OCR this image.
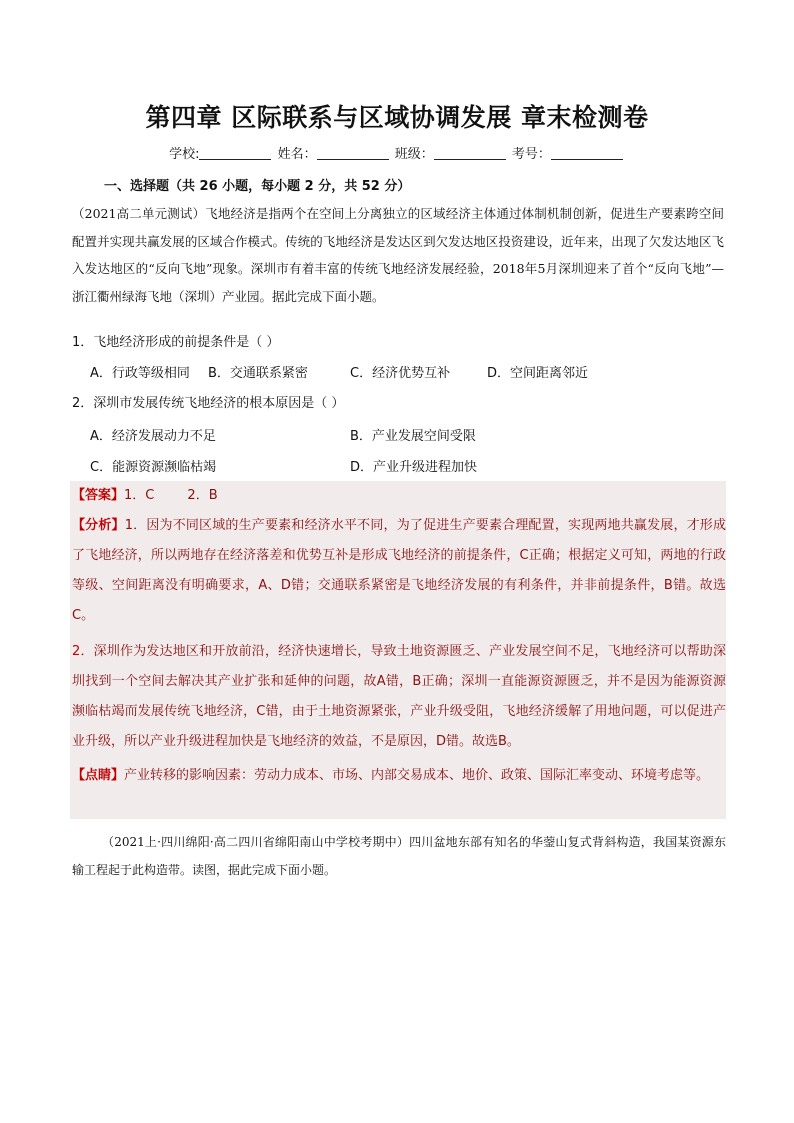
第四章 区际联系与区域协调发展 章末检测卷
学校:	姓名：	班级：	考号：
一、选择题（共 26 小题，每小题 2 分，共 52 分）
（2021高二单元测试）飞地经济是指两个在空间上分离独立的区域经济主体通过体制机制创新，促进生产要素跨空间配置并实现共赢发展的区域合作模式。传统的飞地经济是发达区到欠发达地区投资建设，近年来，出现了欠发达地区飞入发达地区的“反向飞地”现象。深圳市有着丰富的传统飞地经济发展经验，2018年5月深圳迎来了首个“反向飞地”—浙江衢州绿海飞地（深圳）产业园。据此完成下面小题。
1．飞地经济形成的前提条件是（ ）
A．行政等级相同 B．交通联系紧密	C．经济优势互补	D．空间距离邻近
2．深圳市发展传统飞地经济的根本原因是（ ）
A．经济发展动力不足	B．产业发展空间受限
C．能源资源濒临枯竭	D．产业升级进程加快
【答案】1．C        2．B
【分析】1．因为不同区域的生产要素和经济水平不同，为了促进生产要素合理配置，实现两地共赢发展，才形成了飞地经济，所以两地存在经济落差和优势互补是形成飞地经济的前提条件，C正确；根据定义可知，两地的行政等级、空间距离没有明确要求，A、D错；交通联系紧密是飞地经济发展的有利条件，并非前提条件，B错。故选C。
2．深圳作为发达地区和开放前沿，经济快速增长，导致土地资源匮乏、产业发展空间不足，飞地经济可以帮助深圳找到一个空间去解决其产业扩张和延伸的问题，故A错，B正确；深圳一直能源资源匮乏，并不是因为能源资源濒临枯竭而发展传统飞地经济，C错，由于土地资源紧张，产业升级受阻，飞地经济缓解了用地问题，可以促进产业升级，所以产业升级进程加快是飞地经济的效益，不是原因，D错。故选B。
【点睛】产业转移的影响因素：劳动力成本、市场、内部交易成本、地价、政策、国际汇率变动、环境考虑等。
（2021上·四川绵阳·高二四川省绵阳南山中学校考期中）四川盆地东部有知名的华蓥山复式背斜构造，我国某资源东输工程起于此构造带。读图，据此完成下面小题。
